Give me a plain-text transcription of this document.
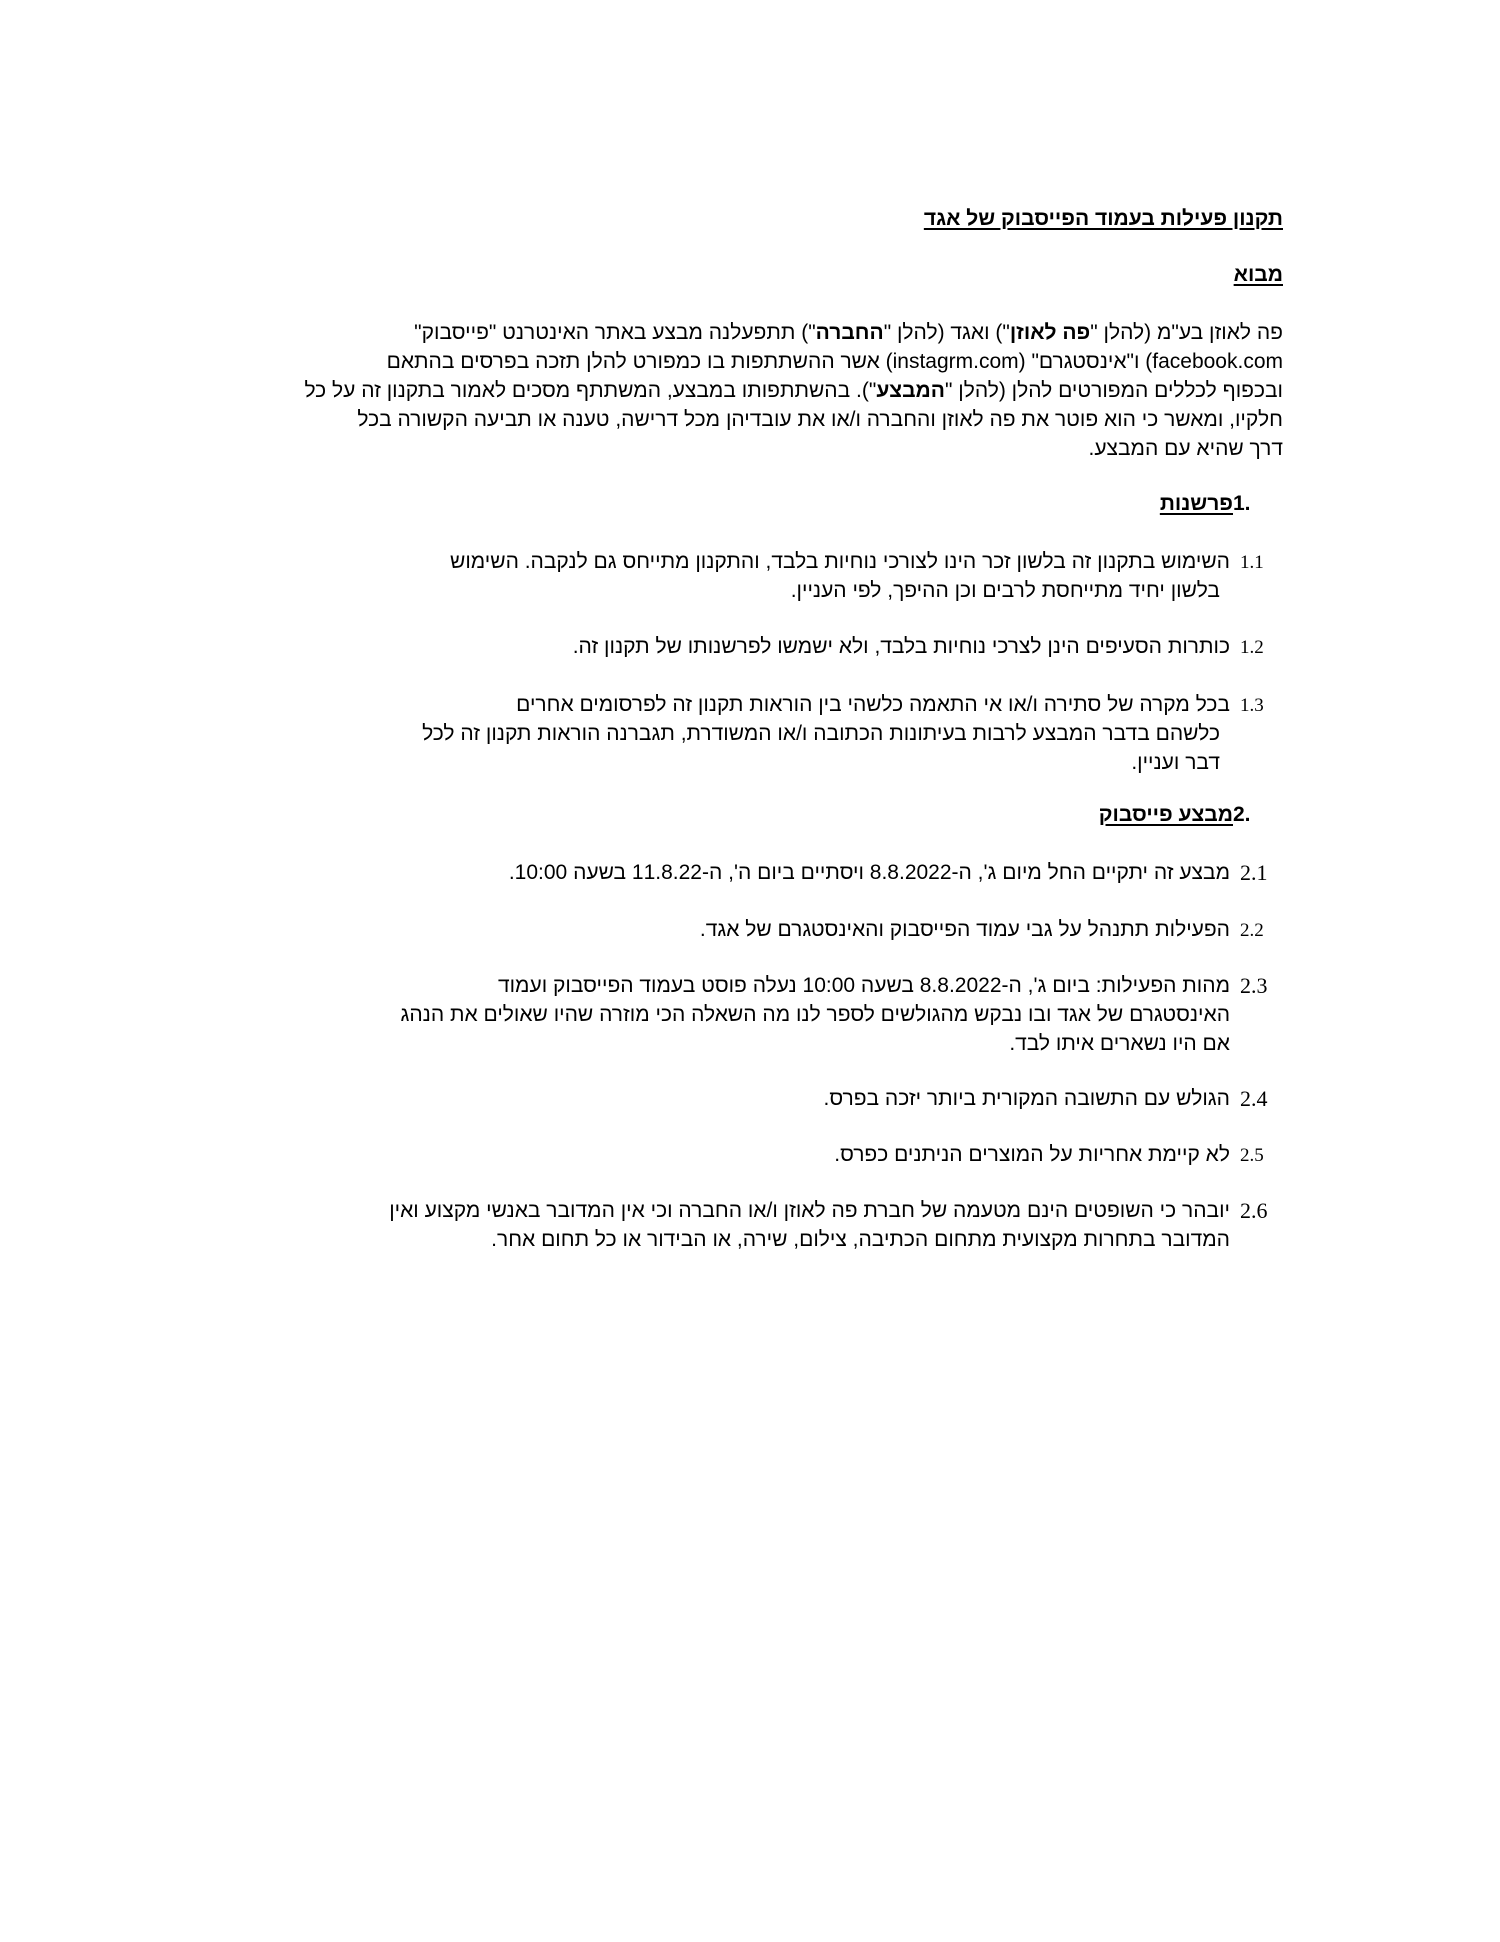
תקנון פעילות בעמוד הפייסבוק של אגד
מבוא
פה לאוזן בע"מ (להלן "פה לאוזן") ואגד (להלן "החברה") תתפעלנה מבצע באתר האינטרנט "פייסבוק"
facebook.com) ו"אינסטגרם" (instagrm.com) אשר ההשתתפות בו כמפורט להלן תזכה בפרסים בהתאם
ובכפוף לכללים המפורטים להלן (להלן "המבצע"). בהשתתפותו במבצע, המשתתף מסכים לאמור בתקנון זה על כל
חלקיו, ומאשר כי הוא פוטר את פה לאוזן והחברה ו/או את עובדיהן מכל דרישה, טענה או תביעה הקשורה בכל
דרך שהיא עם המבצע.
1.
פרשנות
1.1
השימוש בתקנון זה בלשון זכר הינו לצורכי נוחיות בלבד, והתקנון מתייחס גם לנקבה. השימוש
בלשון יחיד מתייחסת לרבים וכן ההיפך, לפי העניין.
1.2
כותרות הסעיפים הינן לצרכי נוחיות בלבד, ולא ישמשו לפרשנותו של תקנון זה.
1.3
בכל מקרה של סתירה ו/או אי התאמה כלשהי בין הוראות תקנון זה לפרסומים אחרים
כלשהם בדבר המבצע לרבות בעיתונות הכתובה ו/או המשודרת, תגברנה הוראות תקנון זה לכל
דבר ועניין.
2.
מבצע פייסבוק
2.1
מבצע זה יתקיים החל מיום ג', ה-8.8.2022 ויסתיים ביום ה', ה-11.8.22 בשעה 10:00.
2.2
הפעילות תתנהל על גבי עמוד הפייסבוק והאינסטגרם של אגד.
2.3
מהות הפעילות: ביום ג', ה-8.8.2022 בשעה 10:00 נעלה פוסט בעמוד הפייסבוק ועמוד
האינסטגרם של אגד ובו נבקש מהגולשים לספר לנו מה השאלה הכי מוזרה שהיו שאולים את הנהג
אם היו נשארים איתו לבד.
2.4
הגולש עם התשובה המקורית ביותר יזכה בפרס.
2.5
לא קיימת אחריות על המוצרים הניתנים כפרס.
2.6
יובהר כי השופטים הינם מטעמה של חברת פה לאוזן ו/או החברה וכי אין המדובר באנשי מקצוע ואין
המדובר בתחרות מקצועית מתחום הכתיבה, צילום, שירה, או הבידור או כל תחום אחר.
